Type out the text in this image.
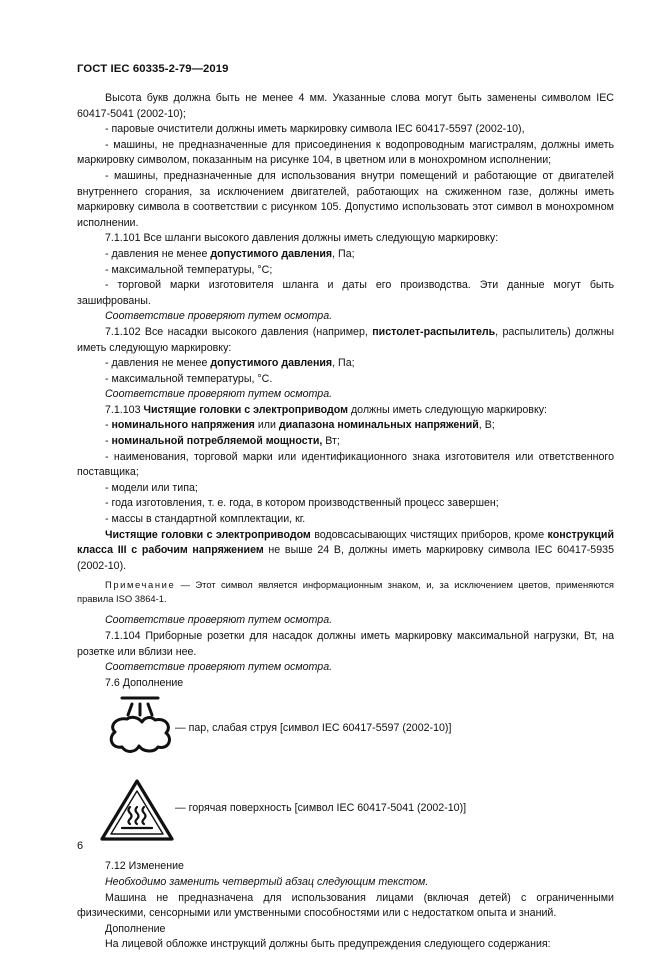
ГОСТ IEC 60335-2-79—2019
Высота букв должна быть не менее 4 мм. Указанные слова могут быть заменены символом IEC 60417-5041 (2002-10);
- паровые очистители должны иметь маркировку символа IEC 60417-5597 (2002-10),
- машины, не предназначенные для присоединения к водопроводным магистралям, должны иметь маркировку символом, показанным на рисунке 104, в цветном или в монохромном исполнении;
- машины, предназначенные для использования внутри помещений и работающие от двигателей внутреннего сгорания, за исключением двигателей, работающих на сжиженном газе, должны иметь маркировку символа в соответствии с рисунком 105. Допустимо использовать этот символ в монохромном исполнении.
7.1.101 Все шланги высокого давления должны иметь следующую маркировку:
- давления не менее допустимого давления, Па;
- максимальной температуры, °С;
- торговой марки изготовителя шланга и даты его производства. Эти данные могут быть зашифрованы.
Соответствие проверяют путем осмотра.
7.1.102 Все насадки высокого давления (например, пистолет-распылитель, распылитель) должны иметь следующую маркировку:
- давления не менее допустимого давления, Па;
- максимальной температуры, °С.
Соответствие проверяют путем осмотра.
7.1.103 Чистящие головки с электроприводом должны иметь следующую маркировку:
- номинального напряжения или диапазона номинальных напряжений, В;
- номинальной потребляемой мощности, Вт;
- наименования, торговой марки или идентификационного знака изготовителя или ответственного поставщика;
- модели или типа;
- года изготовления, т. е. года, в котором производственный процесс завершен;
- массы в стандартной комплектации, кг.
Чистящие головки с электроприводом водовсасывающих чистящих приборов, кроме конструкций класса III с рабочим напряжением не выше 24 В, должны иметь маркировку символа IEC 60417-5935 (2002-10).
Примечание — Этот символ является информационным знаком, и, за исключением цветов, применяются правила ISO 3864-1.
Соответствие проверяют путем осмотра.
7.1.104 Приборные розетки для насадок должны иметь маркировку максимальной нагрузки, Вт, на розетке или вблизи нее.
Соответствие проверяют путем осмотра.
7.6 Дополнение
— пар, слабая струя [символ IEC 60417-5597 (2002-10)]
— горячая поверхность [символ IEC 60417-5041 (2002-10)]
7.12 Изменение
Необходимо заменить четвертый абзац следующим текстом.
Машина не предназначена для использования лицами (включая детей) с ограниченными физическими, сенсорными или умственными способностями или с недостатком опыта и знаний.
Дополнение
На лицевой обложке инструкций должны быть предупреждения следующего содержания:
6
